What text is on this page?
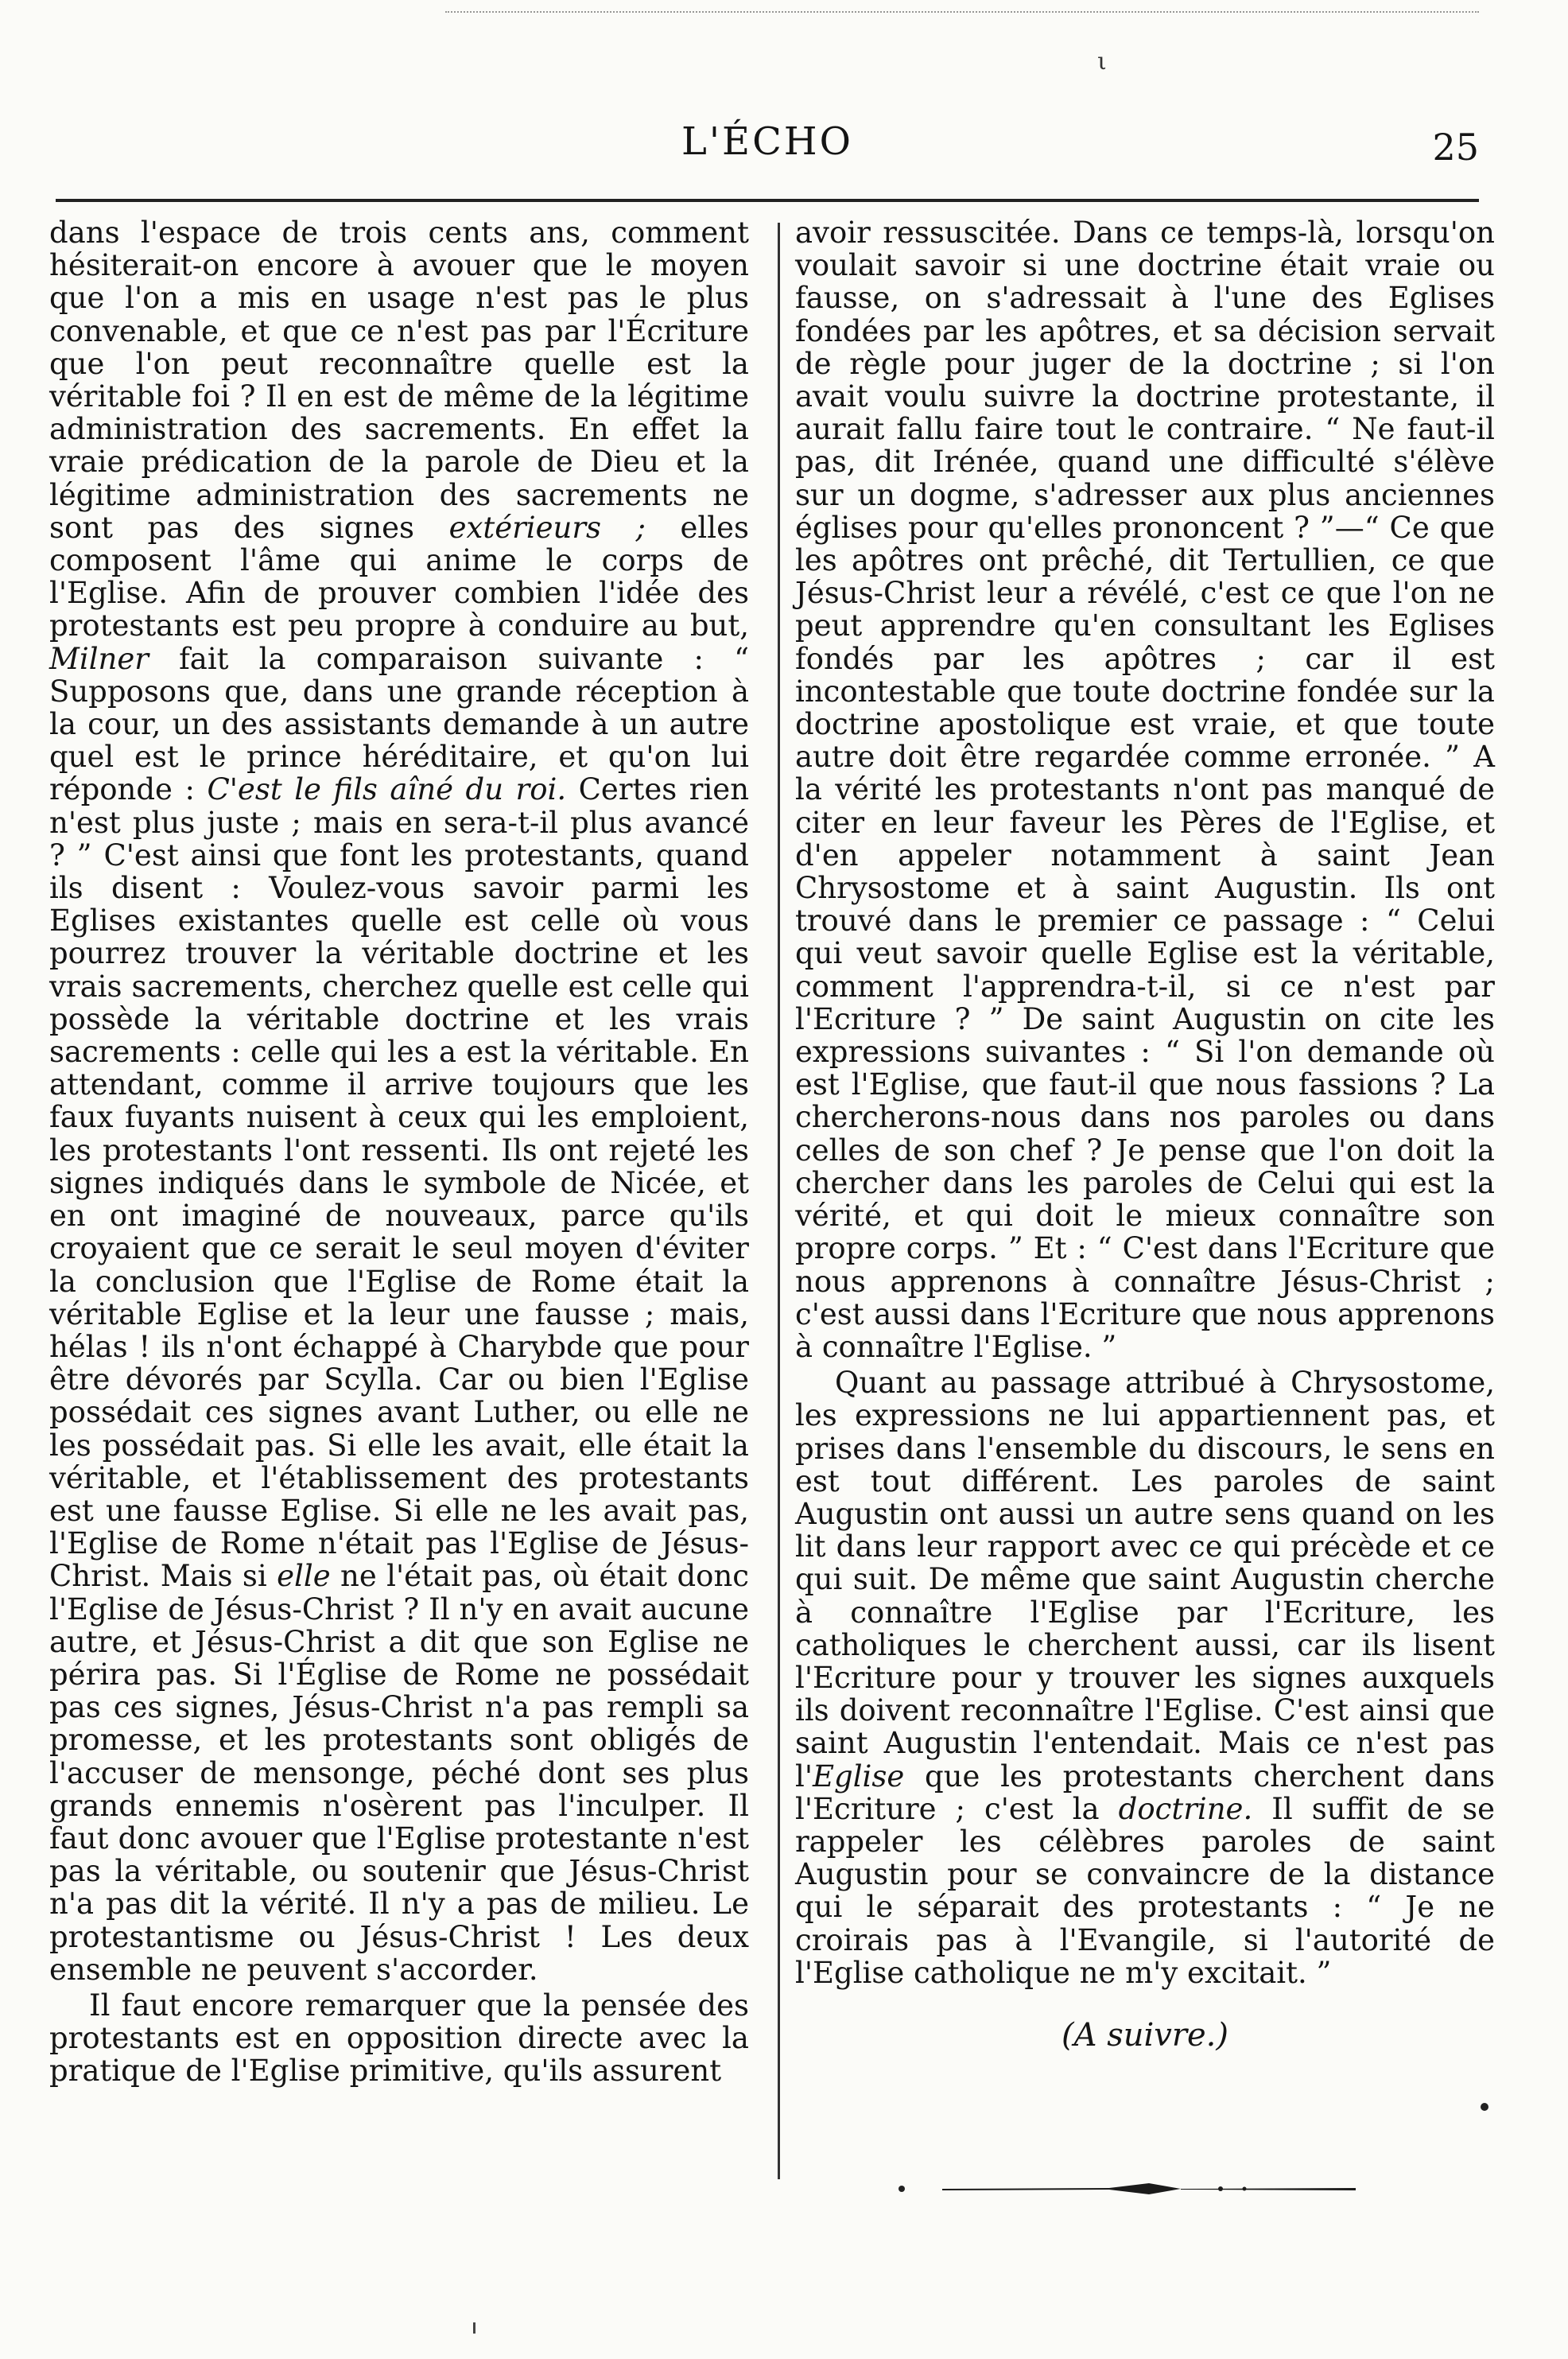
ι
L'ÉCHO	25

dans l'espace de trois cents ans, comment hésiterait-on encore à avouer que le moyen que l'on a mis en usage n'est pas le plus convenable, et que ce n'est pas par l'Écriture que l'on peut reconnaître quelle est la véritable foi ? Il en est de même de la légitime administration des sacrements. En effet la vraie prédication de la parole de Dieu et la légitime administration des sacrements ne sont pas des signes extérieurs ; elles composent l'âme qui anime le corps de l'Eglise. Afin de prouver combien l'idée des protestants est peu propre à conduire au but, Milner fait la comparaison suivante : “ Supposons que, dans une grande réception à la cour, un des assistants demande à un autre quel est le prince héréditaire, et qu'on lui réponde : C'est le fils aîné du roi. Certes rien n'est plus juste ; mais en sera-t-il plus avancé ? ” C'est ainsi que font les protestants, quand ils disent : Voulez-vous savoir parmi les Eglises existantes quelle est celle où vous pourrez trouver la véritable doctrine et les vrais sacrements, cherchez quelle est celle qui possède la véritable doctrine et les vrais sacrements : celle qui les a est la véritable. En attendant, comme il arrive toujours que les faux fuyants nuisent à ceux qui les emploient, les protestants l'ont ressenti. Ils ont rejeté les signes indiqués dans le symbole de Nicée, et en ont imaginé de nouveaux, parce qu'ils croyaient que ce serait le seul moyen d'éviter la conclusion que l'Eglise de Rome était la véritable Eglise et la leur une fausse ; mais, hélas ! ils n'ont échappé à Charybde que pour être dévorés par Scylla. Car ou bien l'Eglise possédait ces signes avant Luther, ou elle ne les possédait pas. Si elle les avait, elle était la véritable, et l'établissement des protestants est une fausse Eglise. Si elle ne les avait pas, l'Eglise de Rome n'était pas l'Eglise de Jésus-Christ. Mais si elle ne l'était pas, où était donc l'Eglise de Jésus-Christ ? Il n'y en avait aucune autre, et Jésus-Christ a dit que son Eglise ne périra pas. Si l'Église de Rome ne possédait pas ces signes, Jésus-Christ n'a pas rempli sa promesse, et les protestants sont obligés de l'accuser de mensonge, péché dont ses plus grands ennemis n'osèrent pas l'inculper. Il faut donc avouer que l'Eglise protestante n'est pas la véritable, ou soutenir que Jésus-Christ n'a pas dit la vérité. Il n'y a pas de milieu. Le protestantisme ou Jésus-Christ ! Les deux ensemble ne peuvent s'accorder.

Il faut encore remarquer que la pensée des protestants est en opposition directe avec la pratique de l'Eglise primitive, qu'ils assurent

avoir ressuscitée. Dans ce temps-là, lorsqu'on voulait savoir si une doctrine était vraie ou fausse, on s'adressait à l'une des Eglises fondées par les apôtres, et sa décision servait de règle pour juger de la doctrine ; si l'on avait voulu suivre la doctrine protestante, il aurait fallu faire tout le contraire. “ Ne faut-il pas, dit Irénée, quand une difficulté s'élève sur un dogme, s'adresser aux plus anciennes églises pour qu'elles prononcent ? ”—“ Ce que les apôtres ont prêché, dit Tertullien, ce que Jésus-Christ leur a révélé, c'est ce que l'on ne peut apprendre qu'en consultant les Eglises fondés par les apôtres ; car il est incontestable que toute doctrine fondée sur la doctrine apostolique est vraie, et que toute autre doit être regardée comme erronée. ” A la vérité les protestants n'ont pas manqué de citer en leur faveur les Pères de l'Eglise, et d'en appeler notamment à saint Jean Chrysostome et à saint Augustin. Ils ont trouvé dans le premier ce passage : “ Celui qui veut savoir quelle Eglise est la véritable, comment l'apprendra-t-il, si ce n'est par l'Ecriture ? ” De saint Augustin on cite les expressions suivantes : “ Si l'on demande où est l'Eglise, que faut-il que nous fassions ? La chercherons-nous dans nos paroles ou dans celles de son chef ? Je pense que l'on doit la chercher dans les paroles de Celui qui est la vérité, et qui doit le mieux connaître son propre corps. ” Et : “ C'est dans l'Ecriture que nous apprenons à connaître Jésus-Christ ; c'est aussi dans l'Ecriture que nous apprenons à connaître l'Eglise. ”

Quant au passage attribué à Chrysostome, les expressions ne lui appartiennent pas, et prises dans l'ensemble du discours, le sens en est tout différent. Les paroles de saint Augustin ont aussi un autre sens quand on les lit dans leur rapport avec ce qui précède et ce qui suit. De même que saint Augustin cherche à connaître l'Eglise par l'Ecriture, les catholiques le cherchent aussi, car ils lisent l'Ecriture pour y trouver les signes auxquels ils doivent reconnaître l'Eglise. C'est ainsi que saint Augustin l'entendait. Mais ce n'est pas l'Eglise que les protestants cherchent dans l'Ecriture ; c'est la doctrine. Il suffit de se rappeler les célèbres paroles de saint Augustin pour se convaincre de la distance qui le séparait des protestants : “ Je ne croirais pas à l'Evangile, si l'autorité de l'Eglise catholique ne m'y excitait. ”

(A suivre.)
